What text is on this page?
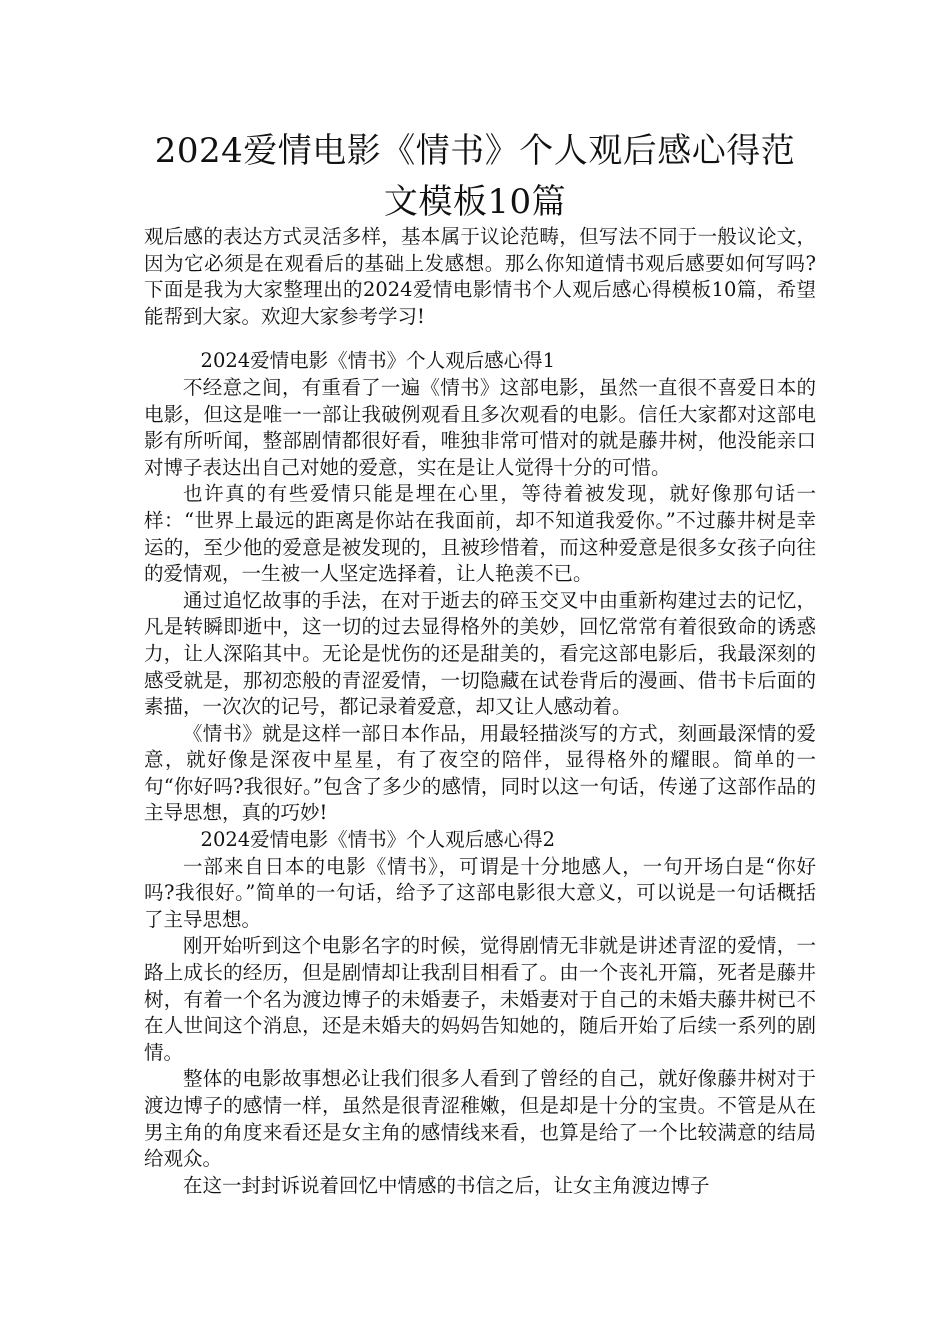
2024爱情电影《情书》个人观后感心得范文模板10篇

观后感的表达方式灵活多样，基本属于议论范畴，但写法不同于一般议论文，因为它必须是在观看后的基础上发感想。那么你知道情书观后感要如何写吗?下面是我为大家整理出的2024爱情电影情书个人观后感心得模板10篇，希望能帮到大家。欢迎大家参考学习!

2024爱情电影《情书》个人观后感心得1

不经意之间，有重看了一遍《情书》这部电影，虽然一直很不喜爱日本的电影，但这是唯一一部让我破例观看且多次观看的电影。信任大家都对这部电影有所听闻，整部剧情都很好看，唯独非常可惜对的就是藤井树，他没能亲口对博子表达出自己对她的爱意，实在是让人觉得十分的可惜。

也许真的有些爱情只能是埋在心里，等待着被发现，就好像那句话一样：“世界上最远的距离是你站在我面前，却不知道我爱你。”不过藤井树是幸运的，至少他的爱意是被发现的，且被珍惜着，而这种爱意是很多女孩子向往的爱情观，一生被一人坚定选择着，让人艳羡不已。

通过追忆故事的手法，在对于逝去的碎玉交叉中由重新构建过去的记忆，凡是转瞬即逝中，这一切的过去显得格外的美妙，回忆常常有着很致命的诱惑力，让人深陷其中。无论是忧伤的还是甜美的，看完这部电影后，我最深刻的感受就是，那初恋般的青涩爱情，一切隐藏在试卷背后的漫画、借书卡后面的素描，一次次的记号，都记录着爱意，却又让人感动着。

《情书》就是这样一部日本作品，用最轻描淡写的方式，刻画最深情的爱意，就好像是深夜中星星，有了夜空的陪伴，显得格外的耀眼。简单的一句“你好吗?我很好。”包含了多少的感情，同时以这一句话，传递了这部作品的主导思想，真的巧妙!

2024爱情电影《情书》个人观后感心得2

一部来自日本的电影《情书》，可谓是十分地感人，一句开场白是“你好吗?我很好。”简单的一句话，给予了这部电影很大意义，可以说是一句话概括了主导思想。

刚开始听到这个电影名字的时候，觉得剧情无非就是讲述青涩的爱情，一路上成长的经历，但是剧情却让我刮目相看了。由一个丧礼开篇，死者是藤井树，有着一个名为渡边博子的未婚妻子，未婚妻对于自己的未婚夫藤井树已不在人世间这个消息，还是未婚夫的妈妈告知她的，随后开始了后续一系列的剧情。

整体的电影故事想必让我们很多人看到了曾经的自己，就好像藤井树对于渡边博子的感情一样，虽然是很青涩稚嫩，但是却是十分的宝贵。不管是从在男主角的角度来看还是女主角的感情线来看，也算是给了一个比较满意的结局给观众。

在这一封封诉说着回忆中情感的书信之后，让女主角渡边博子
